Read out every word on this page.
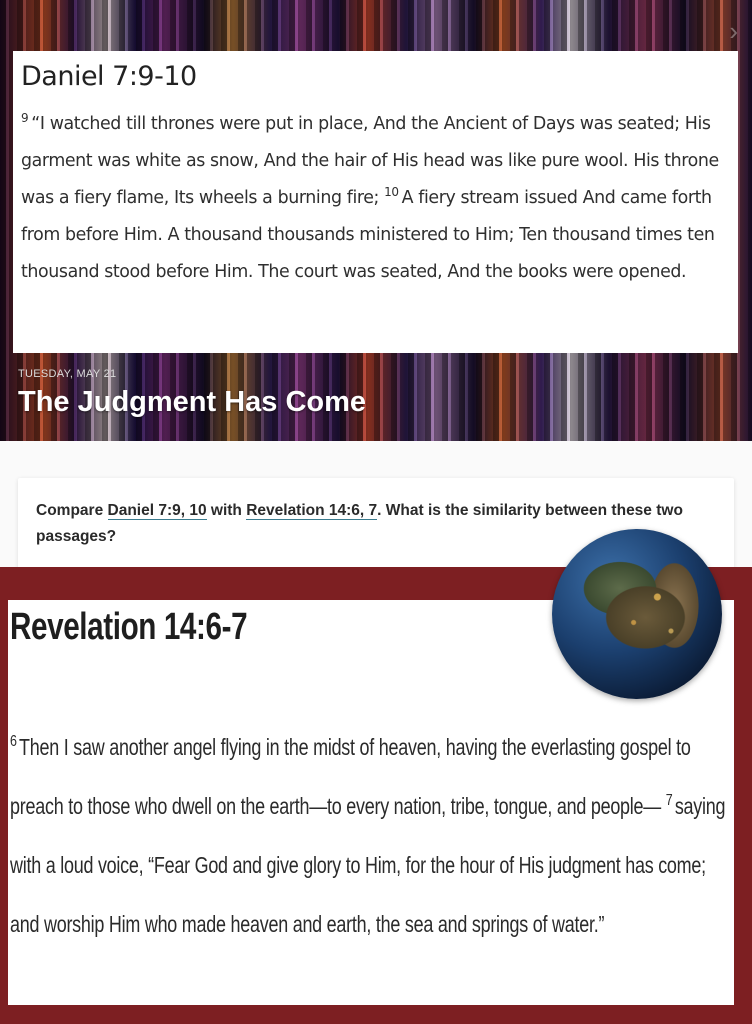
›
Daniel 7:9-10
$^9$ “I watched till thrones were put in place, And the Ancient of Days was seated; His garment was white as snow, And the hair of His head was like pure wool. His throne was a fiery flame, Its wheels a burning fire; $^{10}$ A fiery stream issued And came forth from before Him. A thousand thousands ministered to Him; Ten thousand times ten thousand stood before Him. The court was seated, And the books were opened.
TUESDAY, MAY 21
The Judgment Has Come

Compare Daniel 7:9, 10 with Revelation 14:6, 7. What is the similarity between these two passages?

Revelation 14:6-7
$^6$ Then I saw another angel flying in the midst of heaven, having the everlasting gospel to preach to those who dwell on the earth—to every nation, tribe, tongue, and people— $^7$ saying with a loud voice, “Fear God and give glory to Him, for the hour of His judgment has come; and worship Him who made heaven and earth, the sea and springs of water.”
